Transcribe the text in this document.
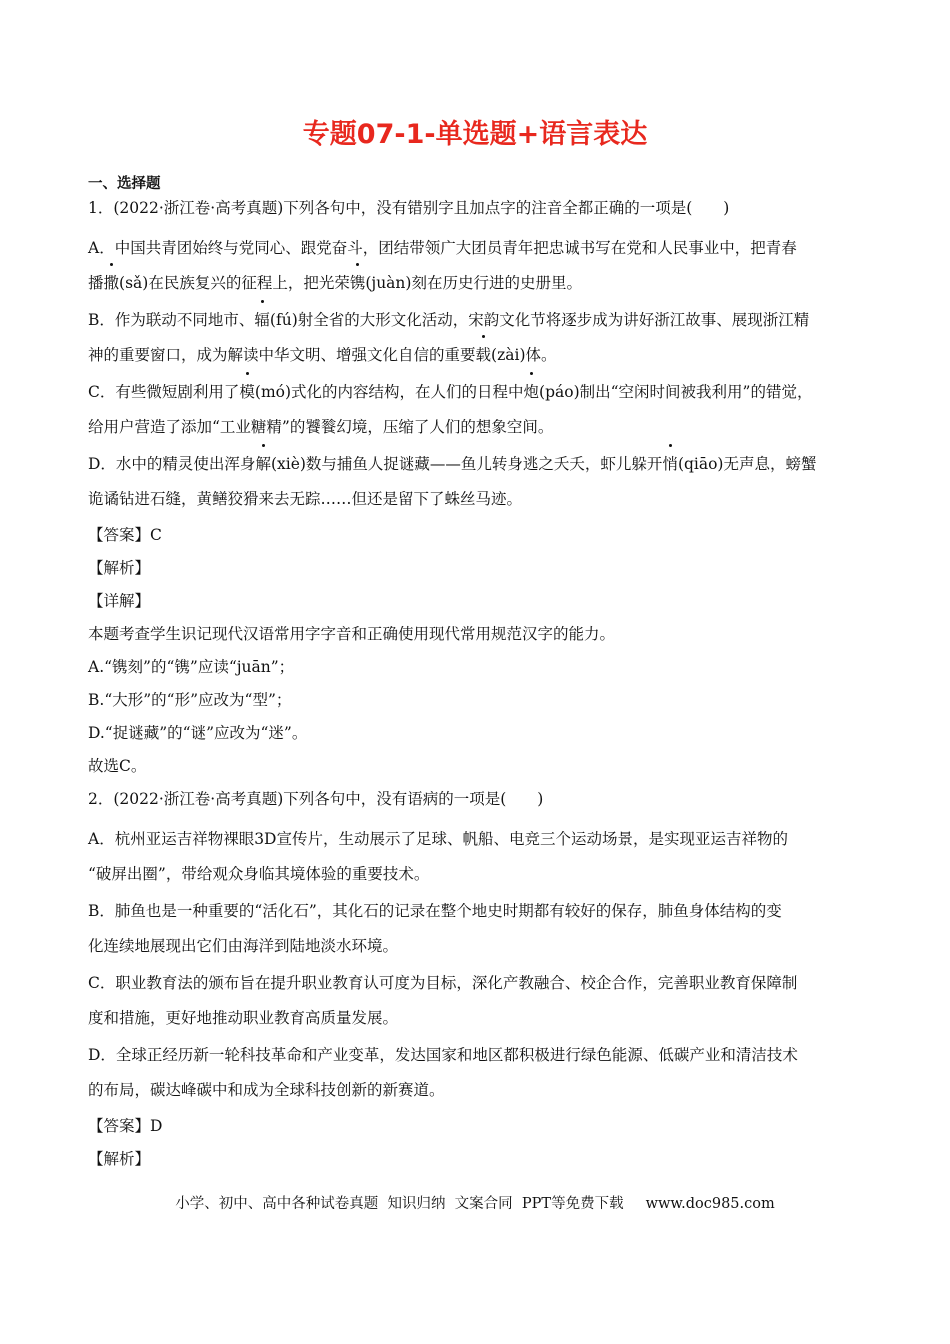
专题07-1-单选题+语言表达
一、选择题
1．(2022·浙江卷·高考真题)下列各句中，没有错别字且加点字的注音全都正确的一项是(　　)
A．中国共青团始终与党同心、跟党奋斗，团结带领广大团员青年把忠诚书写在党和人民事业中，把青春
播撒(sǎ)在民族复兴的征程上，把光荣镌(juàn)刻在历史行进的史册里。
B．作为联动不同地市、辐(fú)射全省的大形文化活动，宋韵文化节将逐步成为讲好浙江故事、展现浙江精
神的重要窗口，成为解读中华文明、增强文化自信的重要载(zài)体。
C．有些微短剧利用了模(mó)式化的内容结构，在人们的日程中炮(páo)制出“空闲时间被我利用”的错觉，
给用户营造了添加“工业糖精”的饕餮幻境，压缩了人们的想象空间。
D．水中的精灵使出浑身解(xiè)数与捕鱼人捉谜藏——鱼儿转身逃之夭夭，虾儿躲开悄(qiāo)无声息，螃蟹
诡谲钻进石缝，黄鳝狡猾来去无踪……但还是留下了蛛丝马迹。
【答案】C
【解析】
【详解】
本题考查学生识记现代汉语常用字字音和正确使用现代常用规范汉字的能力。
A.“镌刻”的“镌”应读“juān”；
B.“大形”的“形”应改为“型”；
D.“捉谜藏”的“谜”应改为“迷”。
故选C。
2．(2022·浙江卷·高考真题)下列各句中，没有语病的一项是(　　)
A．杭州亚运吉祥物裸眼3D宣传片，生动展示了足球、帆船、电竞三个运动场景，是实现亚运吉祥物的
“破屏出圈”，带给观众身临其境体验的重要技术。
B．肺鱼也是一种重要的“活化石”，其化石的记录在整个地史时期都有较好的保存，肺鱼身体结构的变
化连续地展现出它们由海洋到陆地淡水环境。
C．职业教育法的颁布旨在提升职业教育认可度为目标，深化产教融合、校企合作，完善职业教育保障制
度和措施，更好地推动职业教育高质量发展。
D．全球正经历新一轮科技革命和产业变革，发达国家和地区都积极进行绿色能源、低碳产业和清洁技术
的布局，碳达峰碳中和成为全球科技创新的新赛道。
【答案】D
【解析】
小学、初中、高中各种试卷真题  知识归纳  文案合同  PPT等免费下载 www.doc985.com
